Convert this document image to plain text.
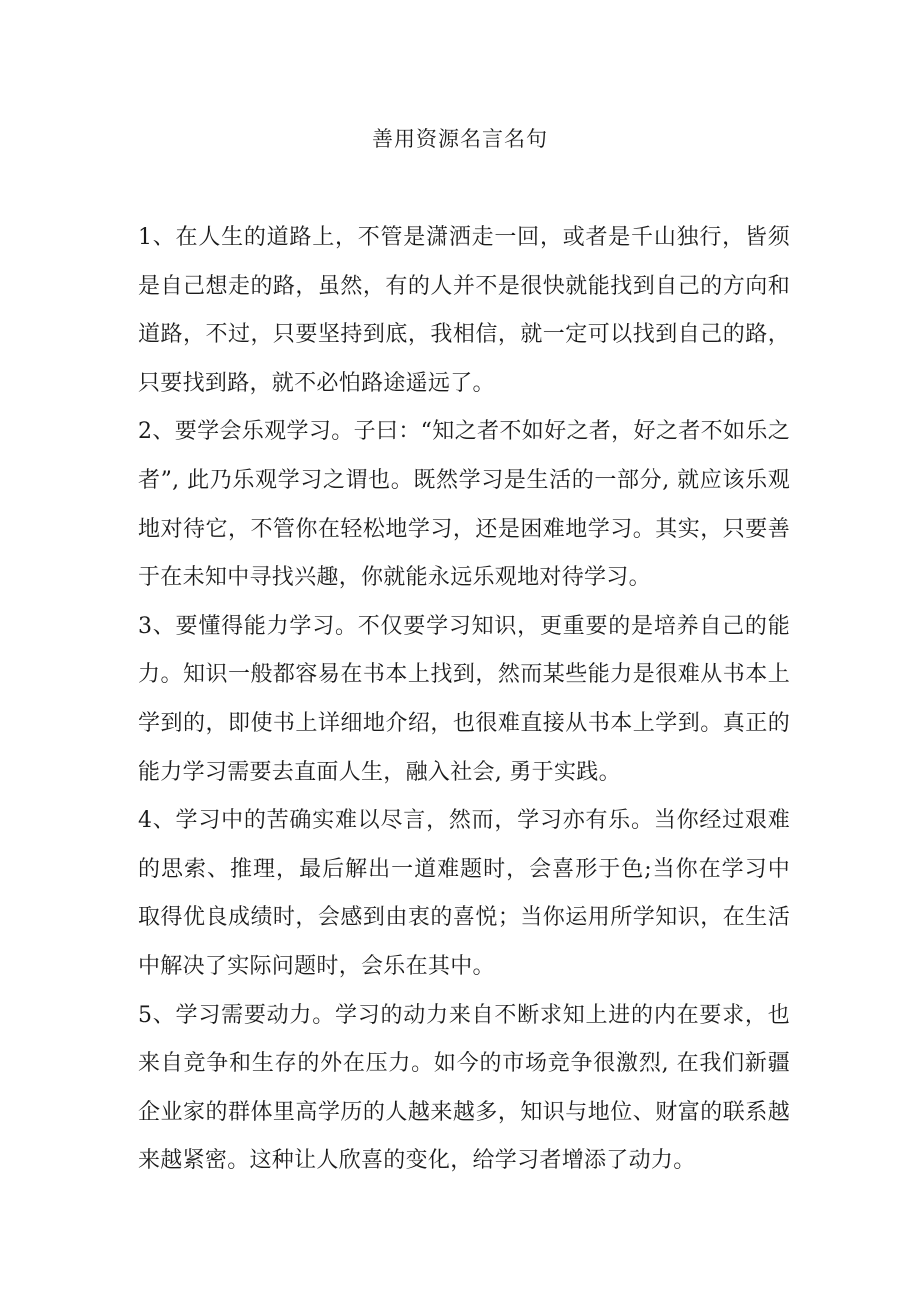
善用资源名言名句

1、在人生的道路上，不管是潇洒走一回，或者是千山独行，皆须是自己想走的路，虽然，有的人并不是很快就能找到自己的方向和道路，不过，只要坚持到底，我相信，就一定可以找到自己的路，只要找到路，就不必怕路途遥远了。

2、要学会乐观学习。子曰：“知之者不如好之者，好之者不如乐之者”, 此乃乐观学习之谓也。既然学习是生活的一部分, 就应该乐观地对待它，不管你在轻松地学习，还是困难地学习。其实，只要善于在未知中寻找兴趣，你就能永远乐观地对待学习。

3、要懂得能力学习。不仅要学习知识，更重要的是培养自己的能力。知识一般都容易在书本上找到，然而某些能力是很难从书本上学到的，即使书上详细地介绍，也很难直接从书本上学到。真正的能力学习需要去直面人生，融入社会, 勇于实践。

4、学习中的苦确实难以尽言，然而，学习亦有乐。当你经过艰难的思索、推理，最后解出一道难题时，会喜形于色;当你在学习中取得优良成绩时，会感到由衷的喜悦；当你运用所学知识，在生活中解决了实际问题时，会乐在其中。

5、学习需要动力。学习的动力来自不断求知上进的内在要求，也来自竞争和生存的外在压力。如今的市场竞争很激烈, 在我们新疆企业家的群体里高学历的人越来越多，知识与地位、财富的联系越来越紧密。这种让人欣喜的变化，给学习者增添了动力。
